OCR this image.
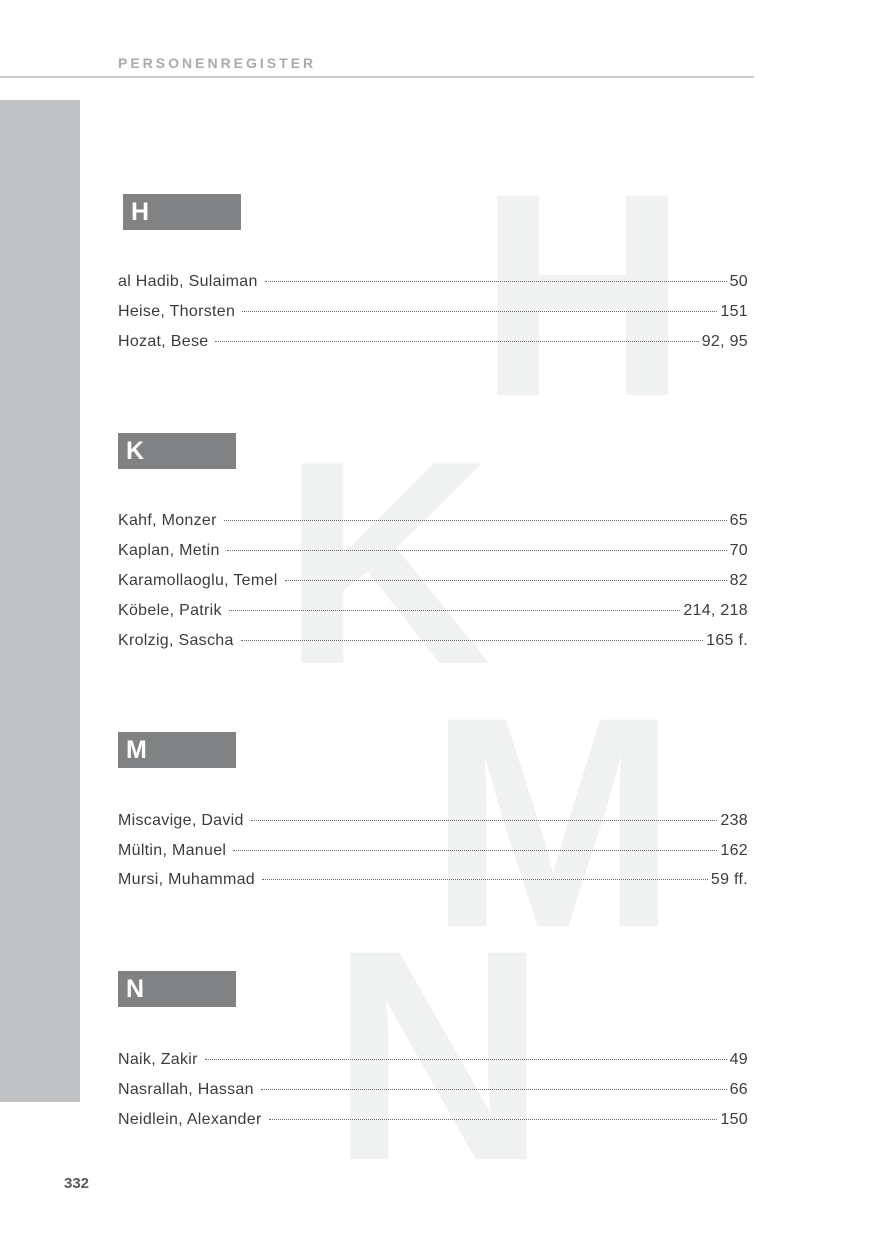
PERSONENREGISTER
H
K
M
N
H
al Hadib, Sulaiman	50
Heise, Thorsten	151
Hozat, Bese	92, 95
K
Kahf, Monzer	65
Kaplan, Metin	70
Karamollaoglu, Temel	82
Köbele, Patrik	214, 218
Krolzig, Sascha	165 f.
M
Miscavige, David	238
Mültin, Manuel	162
Mursi, Muhammad	59 ff.
N
Naik, Zakir	49
Nasrallah, Hassan	66
Neidlein, Alexander	150
332
